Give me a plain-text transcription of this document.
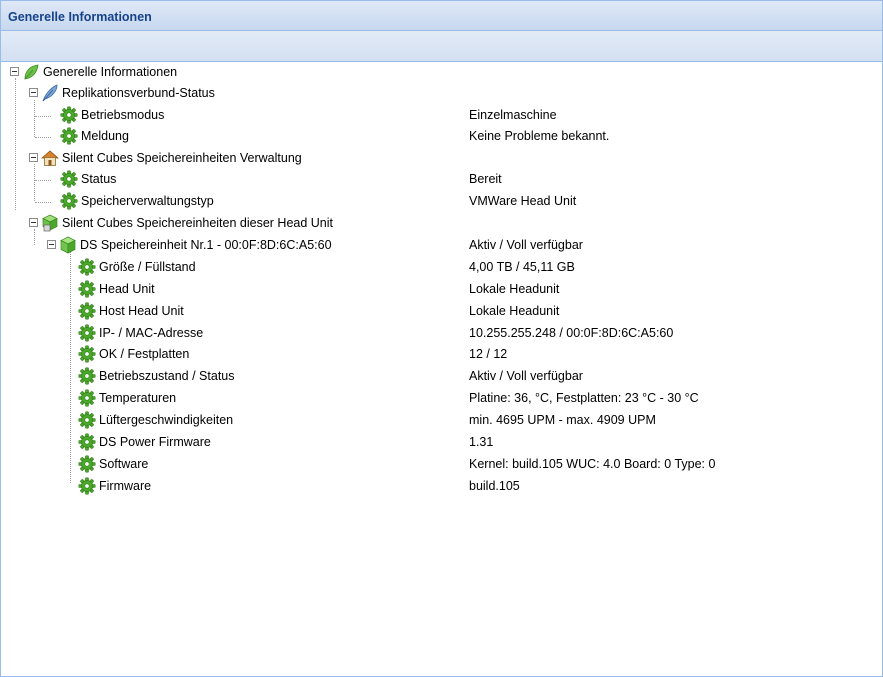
Generelle Informationen
Generelle Informationen
Replikationsverbund-Status
Betriebsmodus	Einzelmaschine
Meldung	Keine Probleme bekannt.
Silent Cubes Speichereinheiten Verwaltung
Status	Bereit
Speicherverwaltungstyp	VMWare Head Unit
Silent Cubes Speichereinheiten dieser Head Unit
DS Speichereinheit Nr.1 - 00:0F:8D:6C:A5:60	Aktiv / Voll verfügbar
Größe / Füllstand	4,00 TB / 45,11 GB
Head Unit	Lokale Headunit
Host Head Unit	Lokale Headunit
IP- / MAC-Adresse	10.255.255.248 / 00:0F:8D:6C:A5:60
OK / Festplatten	12 / 12
Betriebszustand / Status	Aktiv / Voll verfügbar
Temperaturen	Platine: 36, °C, Festplatten: 23 °C - 30 °C
Lüftergeschwindigkeiten	min. 4695 UPM - max. 4909 UPM
DS Power Firmware	1.31
Software	Kernel: build.105 WUC: 4.0 Board: 0 Type: 0
Firmware	build.105
